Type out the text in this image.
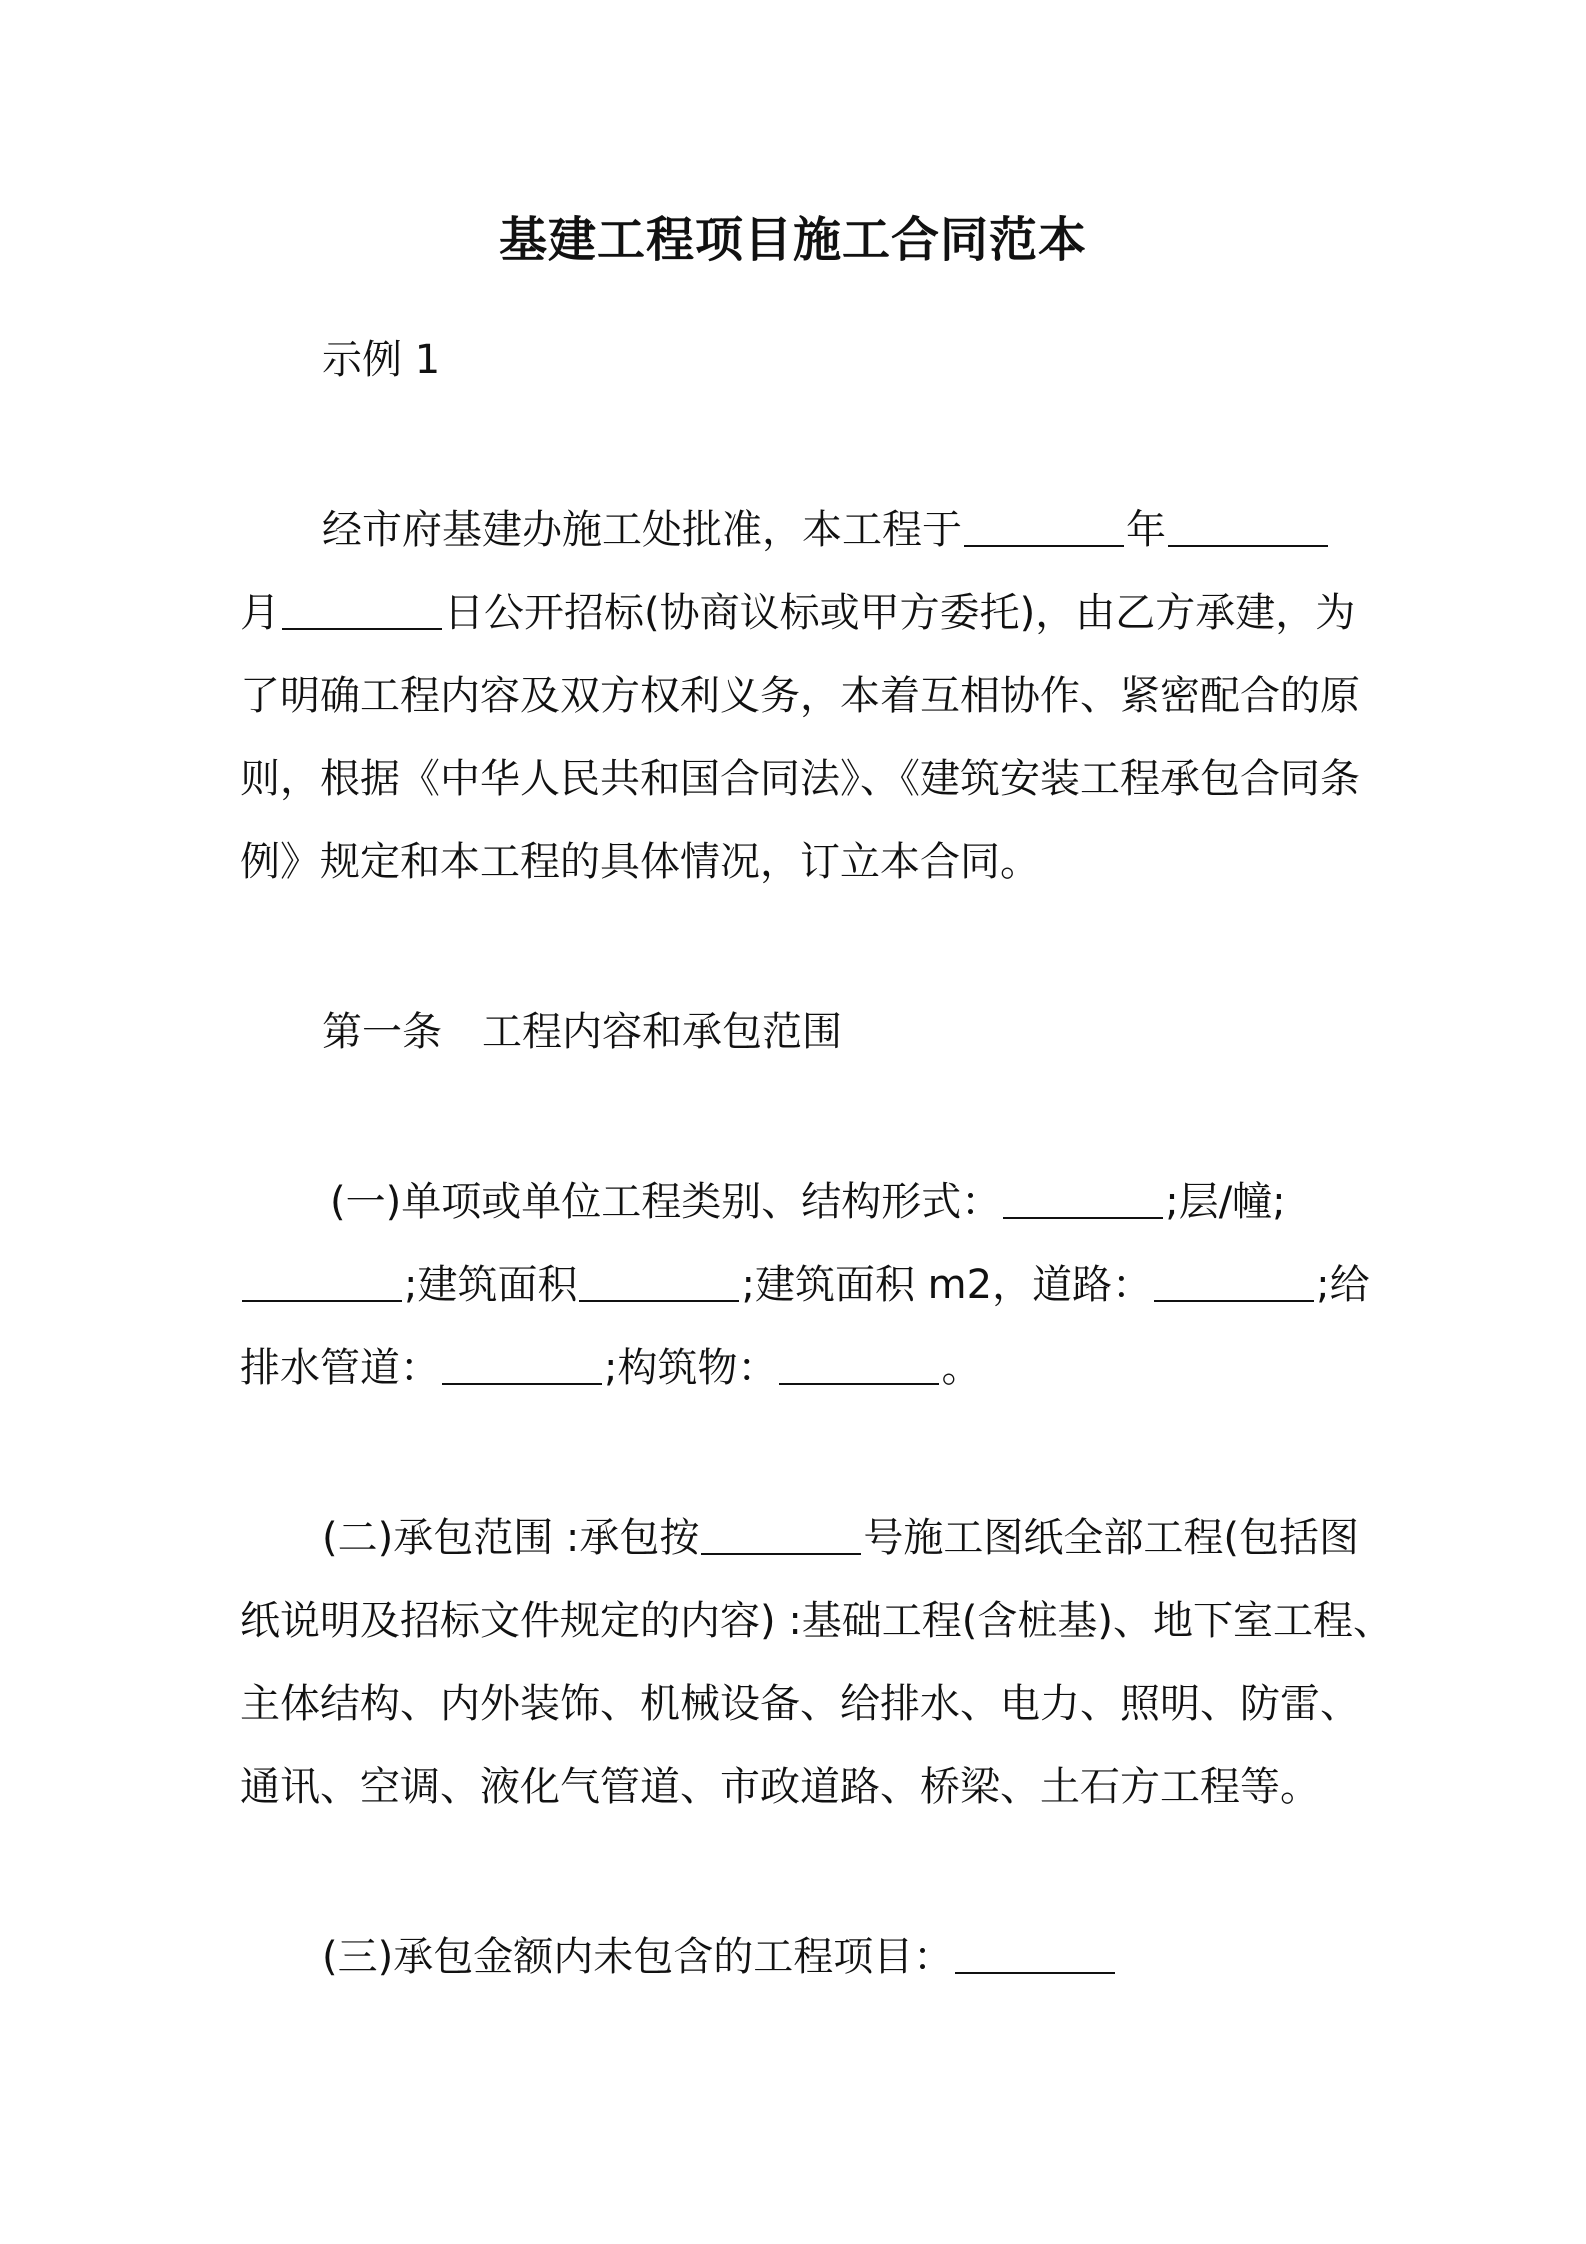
基建工程项目施工合同范本
示例 1
经市府基建办施工处批准，本工程于	年
月	日公开招标(协商议标或甲方委托)，由乙方承建，为
了明确工程内容及双方权利义务，本着互相协作、紧密配合的原
则，根据《中华人民共和国合同法》、《建筑安装工程承包合同条
例》规定和本工程的具体情况，订立本合同。
第一条　工程内容和承包范围
(一)单项或单位工程类别、结构形式：	;层/幢;
;建筑面积	;建筑面积 m2，道路：	;给
排水管道：	;构筑物：	。
(二)承包范围 :承包按	号施工图纸全部工程(包括图
纸说明及招标文件规定的内容) :基础工程(含桩基)、地下室工程、
主体结构、内外装饰、机械设备、给排水、电力、照明、防雷、
通讯、空调、液化气管道、市政道路、桥梁、土石方工程等。
(三)承包金额内未包含的工程项目：
